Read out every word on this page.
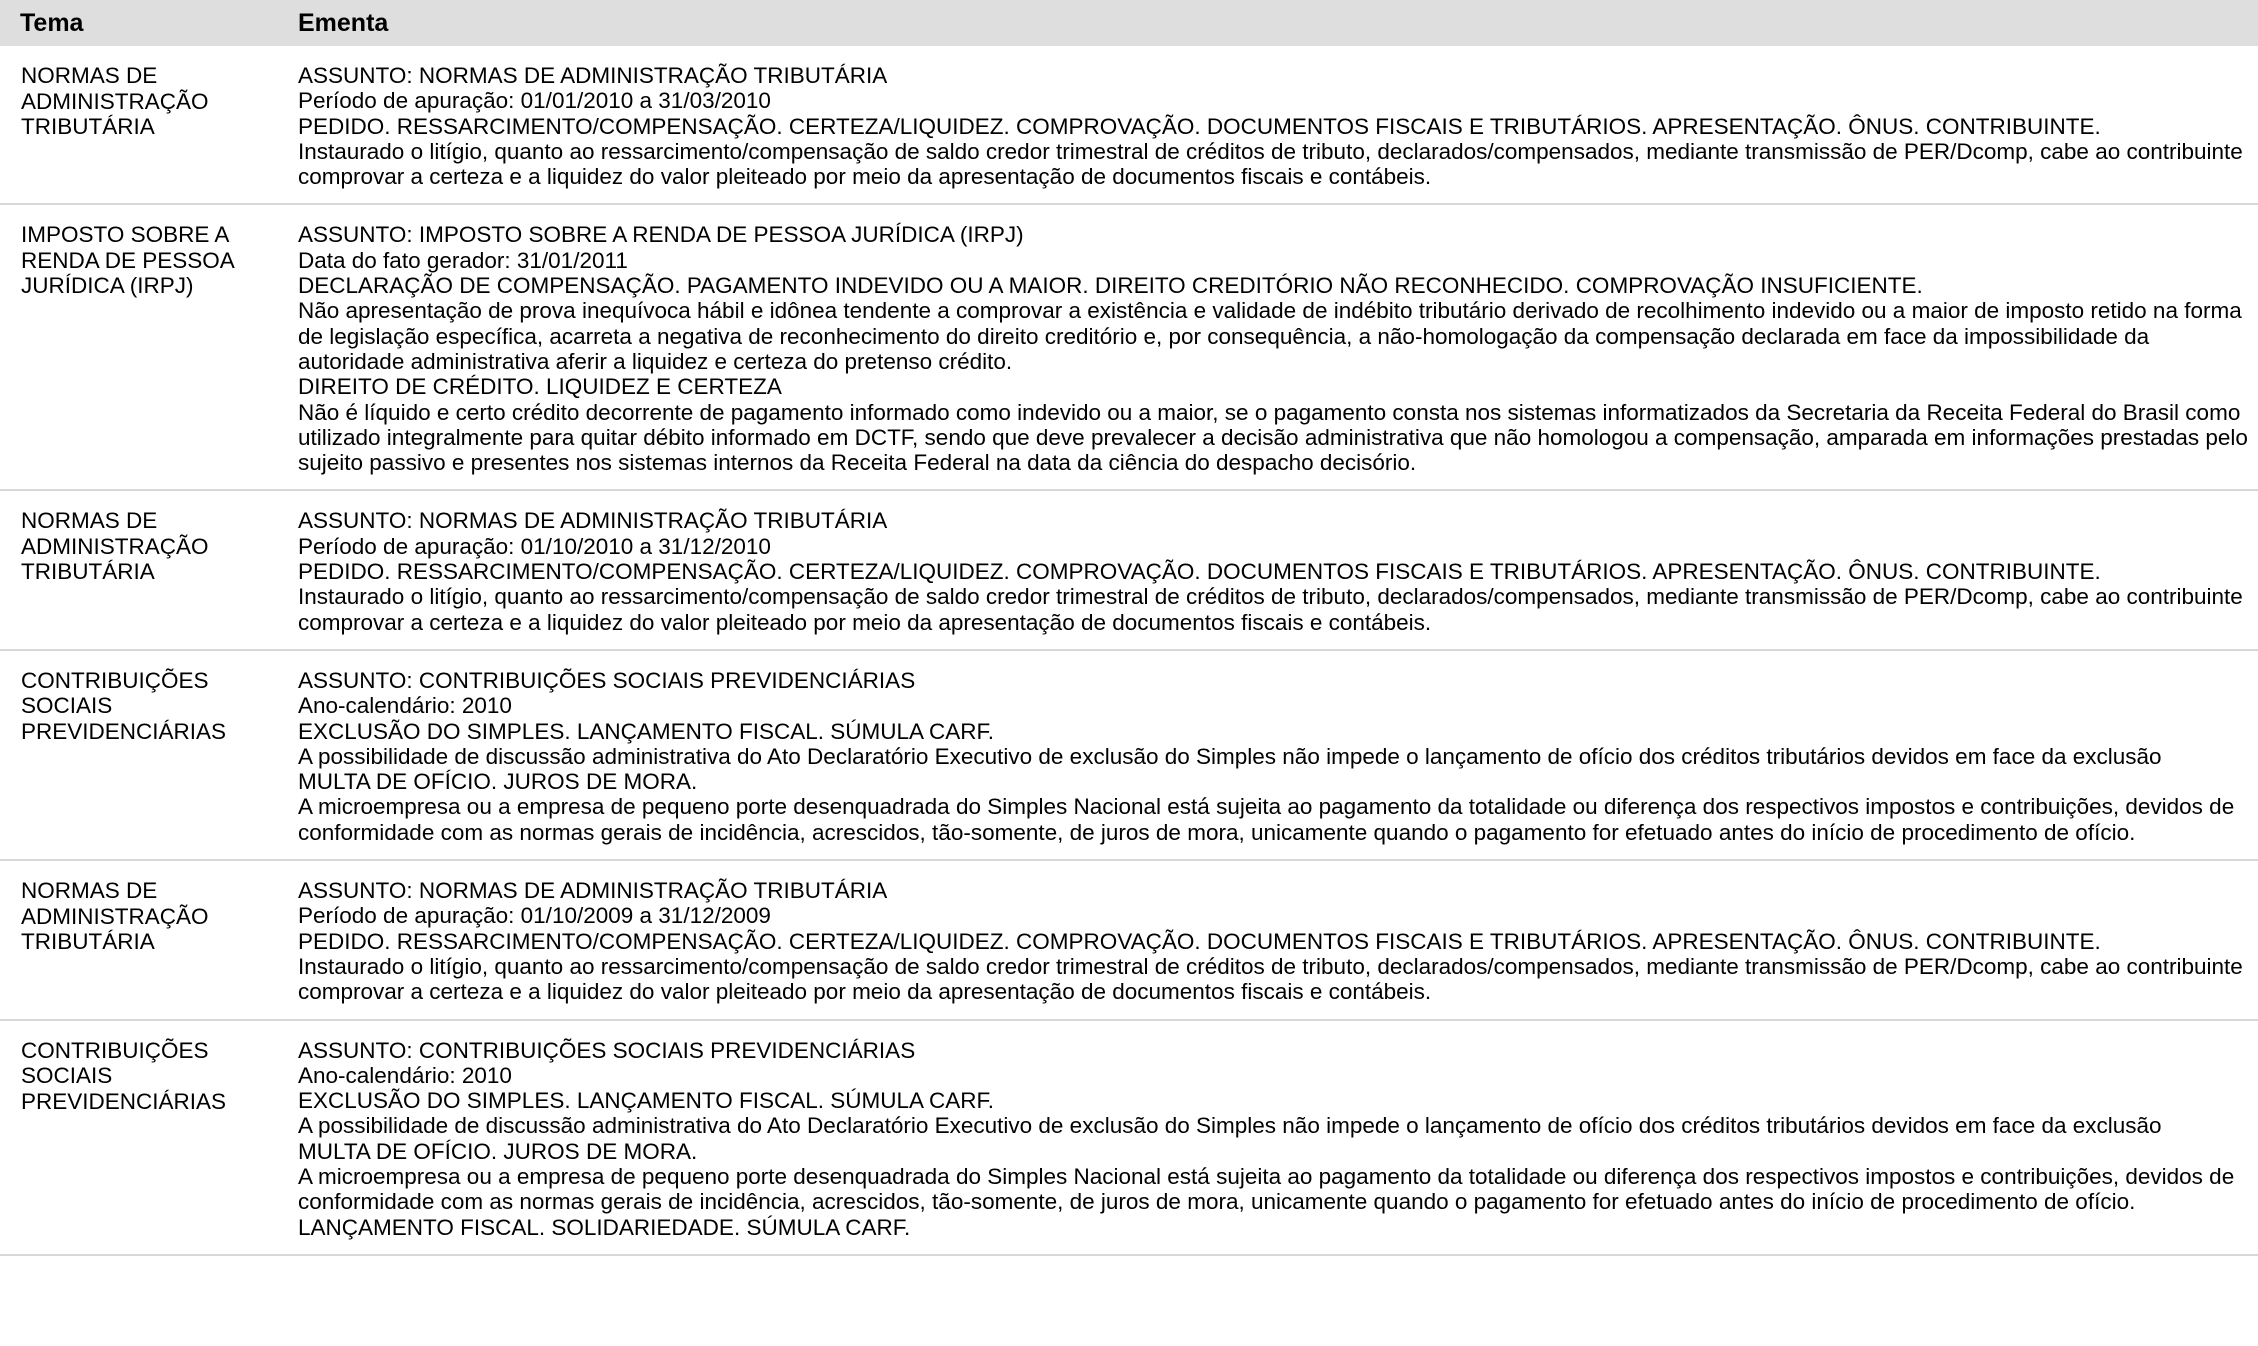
Tema	Ementa
NORMAS DE ADMINISTRAÇÃO TRIBUTÁRIA
ASSUNTO: NORMAS DE ADMINISTRAÇÃO TRIBUTÁRIA
Período de apuração: 01/01/2010 a 31/03/2010
PEDIDO. RESSARCIMENTO/COMPENSAÇÃO. CERTEZA/LIQUIDEZ. COMPROVAÇÃO. DOCUMENTOS FISCAIS E TRIBUTÁRIOS. APRESENTAÇÃO. ÔNUS. CONTRIBUINTE.
Instaurado o litígio, quanto ao ressarcimento/compensação de saldo credor trimestral de créditos de tributo, declarados/compensados, mediante transmissão de PER/Dcomp, cabe ao contribuinte comprovar a certeza e a liquidez do valor pleiteado por meio da apresentação de documentos fiscais e contábeis.
IMPOSTO SOBRE A RENDA DE PESSOA JURÍDICA (IRPJ)
ASSUNTO: IMPOSTO SOBRE A RENDA DE PESSOA JURÍDICA (IRPJ)
Data do fato gerador: 31/01/2011
DECLARAÇÃO DE COMPENSAÇÃO. PAGAMENTO INDEVIDO OU A MAIOR. DIREITO CREDITÓRIO NÃO RECONHECIDO. COMPROVAÇÃO INSUFICIENTE.
Não apresentação de prova inequívoca hábil e idônea tendente a comprovar a existência e validade de indébito tributário derivado de recolhimento indevido ou a maior de imposto retido na forma de legislação específica, acarreta a negativa de reconhecimento do direito creditório e, por consequência, a não-homologação da compensação declarada em face da impossibilidade da autoridade administrativa aferir a liquidez e certeza do pretenso crédito.
DIREITO DE CRÉDITO. LIQUIDEZ E CERTEZA
Não é líquido e certo crédito decorrente de pagamento informado como indevido ou a maior, se o pagamento consta nos sistemas informatizados da Secretaria da Receita Federal do Brasil como utilizado integralmente para quitar débito informado em DCTF, sendo que deve prevalecer a decisão administrativa que não homologou a compensação, amparada em informações prestadas pelo sujeito passivo e presentes nos sistemas internos da Receita Federal na data da ciência do despacho decisório.
NORMAS DE ADMINISTRAÇÃO TRIBUTÁRIA
ASSUNTO: NORMAS DE ADMINISTRAÇÃO TRIBUTÁRIA
Período de apuração: 01/10/2010 a 31/12/2010
PEDIDO. RESSARCIMENTO/COMPENSAÇÃO. CERTEZA/LIQUIDEZ. COMPROVAÇÃO. DOCUMENTOS FISCAIS E TRIBUTÁRIOS. APRESENTAÇÃO. ÔNUS. CONTRIBUINTE.
Instaurado o litígio, quanto ao ressarcimento/compensação de saldo credor trimestral de créditos de tributo, declarados/compensados, mediante transmissão de PER/Dcomp, cabe ao contribuinte comprovar a certeza e a liquidez do valor pleiteado por meio da apresentação de documentos fiscais e contábeis.
CONTRIBUIÇÕES SOCIAIS PREVIDENCIÁRIAS
ASSUNTO: CONTRIBUIÇÕES SOCIAIS PREVIDENCIÁRIAS
Ano-calendário: 2010
EXCLUSÃO DO SIMPLES. LANÇAMENTO FISCAL. SÚMULA CARF.
A possibilidade de discussão administrativa do Ato Declaratório Executivo de exclusão do Simples não impede o lançamento de ofício dos créditos tributários devidos em face da exclusão
MULTA DE OFÍCIO. JUROS DE MORA.
A microempresa ou a empresa de pequeno porte desenquadrada do Simples Nacional está sujeita ao pagamento da totalidade ou diferença dos respectivos impostos e contribuições, devidos de conformidade com as normas gerais de incidência, acrescidos, tão-somente, de juros de mora, unicamente quando o pagamento for efetuado antes do início de procedimento de ofício.
NORMAS DE ADMINISTRAÇÃO TRIBUTÁRIA
ASSUNTO: NORMAS DE ADMINISTRAÇÃO TRIBUTÁRIA
Período de apuração: 01/10/2009 a 31/12/2009
PEDIDO. RESSARCIMENTO/COMPENSAÇÃO. CERTEZA/LIQUIDEZ. COMPROVAÇÃO. DOCUMENTOS FISCAIS E TRIBUTÁRIOS. APRESENTAÇÃO. ÔNUS. CONTRIBUINTE.
Instaurado o litígio, quanto ao ressarcimento/compensação de saldo credor trimestral de créditos de tributo, declarados/compensados, mediante transmissão de PER/Dcomp, cabe ao contribuinte comprovar a certeza e a liquidez do valor pleiteado por meio da apresentação de documentos fiscais e contábeis.
CONTRIBUIÇÕES SOCIAIS PREVIDENCIÁRIAS
ASSUNTO: CONTRIBUIÇÕES SOCIAIS PREVIDENCIÁRIAS
Ano-calendário: 2010
EXCLUSÃO DO SIMPLES. LANÇAMENTO FISCAL. SÚMULA CARF.
A possibilidade de discussão administrativa do Ato Declaratório Executivo de exclusão do Simples não impede o lançamento de ofício dos créditos tributários devidos em face da exclusão
MULTA DE OFÍCIO. JUROS DE MORA.
A microempresa ou a empresa de pequeno porte desenquadrada do Simples Nacional está sujeita ao pagamento da totalidade ou diferença dos respectivos impostos e contribuições, devidos de conformidade com as normas gerais de incidência, acrescidos, tão-somente, de juros de mora, unicamente quando o pagamento for efetuado antes do início de procedimento de ofício.
LANÇAMENTO FISCAL. SOLIDARIEDADE. SÚMULA CARF.
